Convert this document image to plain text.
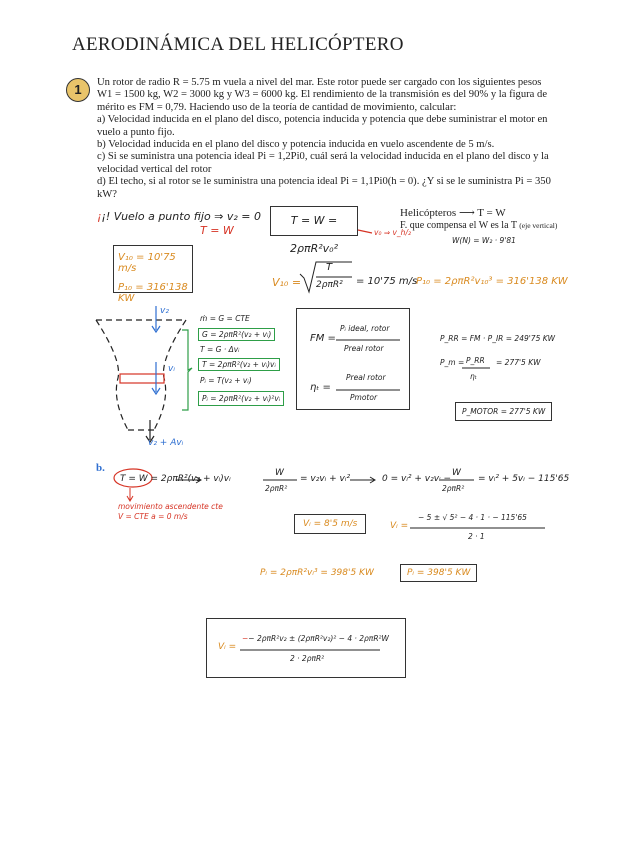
AERODINÁMICA DEL HELICÓPTERO
1	Un rotor de radio R = 5.75 m vuela a nivel del mar. Este rotor puede ser cargado con los siguientes pesos W1 = 1500 kg, W2 = 3000 kg y W3 = 6000 kg. El rendimiento de la transmisión es del 90% y la figura de mérito es FM = 0,79. Haciendo uso de la teoría de cantidad de movimiento, calcular:

a) Velocidad inducida en el plano del disco, potencia inducida y potencia que debe suministrar el motor en vuelo a punto fijo.

b) Velocidad inducida en el plano del disco y potencia inducida en vuelo ascendente de 5 m/s.

c) Si se suministra una potencia ideal Pi = 1,2Pi0, cuál será la velocidad inducida en el plano del disco y la velocidad vertical del rotor

d) El techo, si al rotor se le suministra una potencia ideal Pi = 1,1Pi0(h = 0). ¿Y si se le suministra Pi = 350 kW?

¡¡! Vuelo a punto fijo ⇒ v₂ = 0
T = W
T = W = 2ρπR²v₀²
v₀ ⇒ v_h/₂
Helicópteros ⟶ T = W
F. que compensa el W es la T (eje vertical)
W(N) = W₂ · 9'81
V₁₀ = 10'75 m/s
P₁₀ = 316'138 KW
V₁₀ =
T
2ρπR² = 10'75 m/s
P₁₀ = 2ρπR²v₁₀³ = 316'138 KW
v₂
vᵢ
v₂ + Avᵢ
ṁ = G = CTE
G = 2ρπR²(v₂ + vᵢ)
T = G · Δvᵢ
T = 2ρπR²(v₂ + vᵢ)vᵢ
Pᵢ = T(v₂ + vᵢ)
Pᵢ = 2ρπR²(v₂ + vᵢ)²vᵢ
FM =
Pᵢ ideal, rotor
Preal rotor
ηₜ =
Preal rotor
Pmotor
P_RR = FM · P_IR = 249'75 KW
P_m = P_RR
ηₜ
= 277'5 KW
P_MOTOR = 277'5 KW
b.
T = W = 2ρπR²(v₂ + vᵢ)vᵢ
W
2ρπR²
= v₂vᵢ + vᵢ²	0 = vᵢ² + v₂vᵢ −
W
2ρπR²
= vᵢ² + 5vᵢ − 115'65
movimiento ascendente cte
V = CTE a = 0 m/s
Vᵢ = 8'5 m/s	Vᵢ =
− 5 ± √ 5² − 4 · 1 · − 115'65
2 · 1
Pᵢ = 2ρπR²vᵢ³ = 398'5 KW	Pᵢ = 398'5 KW
Vᵢ =
−− 2ρπR²v₂ ± (2ρπR²v₂)² − 4 · 2ρπR²W
2 · 2ρπR²
